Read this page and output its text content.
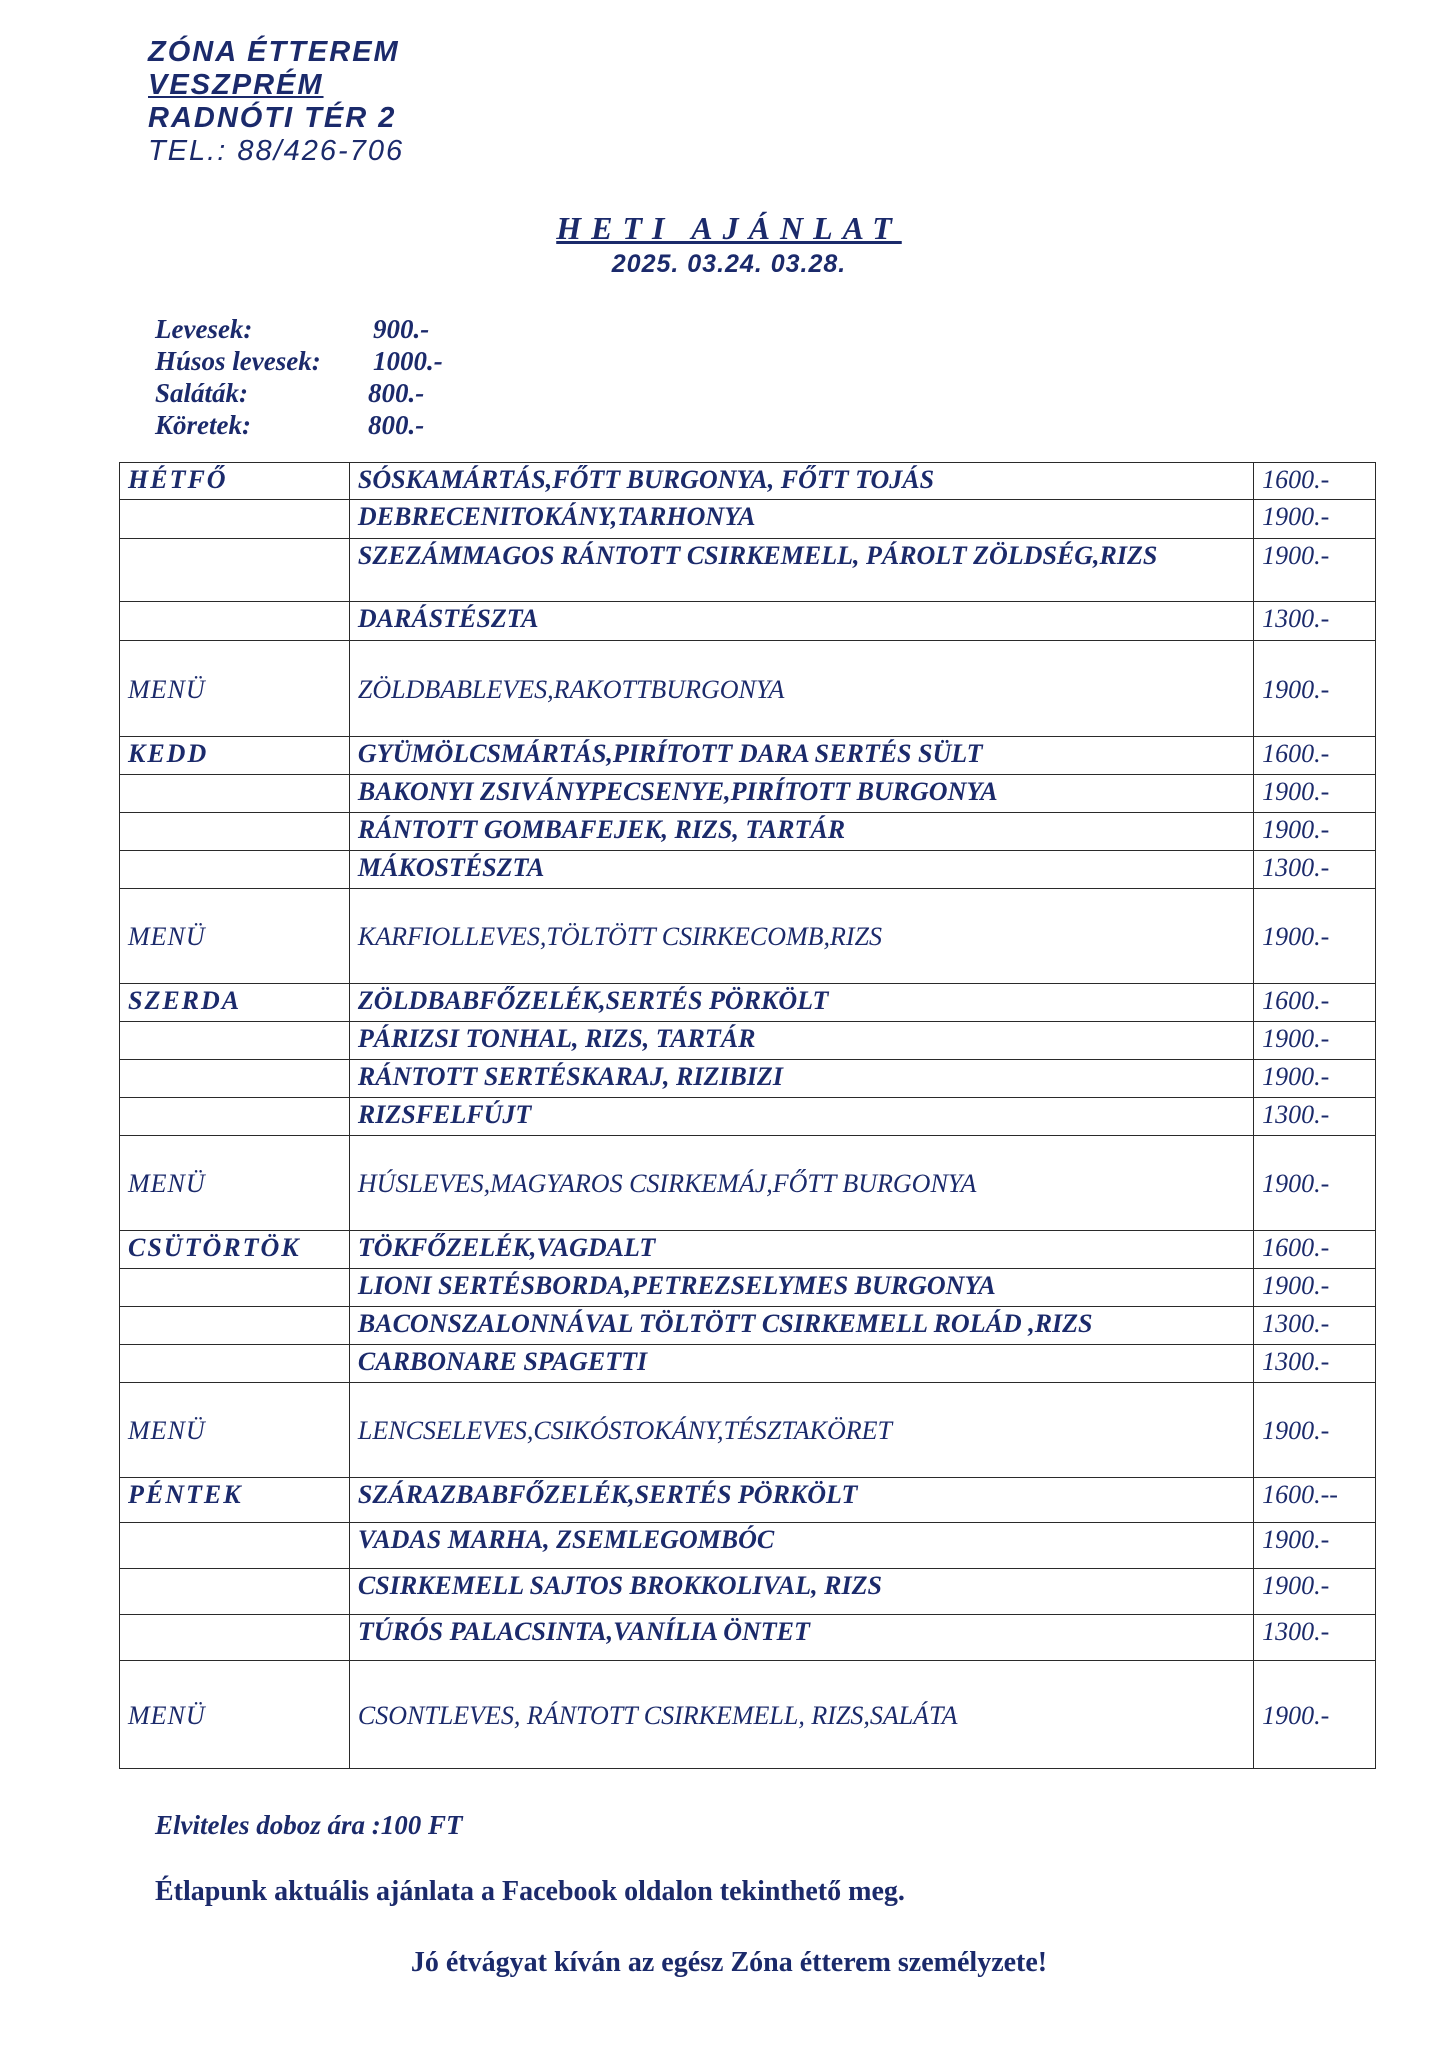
ZÓNA ÉTTEREM
VESZPRÉM
RADNÓTI TÉR 2
TEL.: 88/426-706
HETI AJÁNLAT
2025. 03.24. 03.28.
Levesek:	900.-
Húsos levesek:	1000.-
Saláták:	800.-
Köretek:	800.-
HÉTFŐ	SÓSKAMÁRTÁS,FŐTT BURGONYA, FŐTT TOJÁS	1600.-
	DEBRECENITOKÁNY,TARHONYA	1900.-
	SZEZÁMMAGOS RÁNTOTT CSIRKEMELL, PÁROLT ZÖLDSÉG,RIZS	1900.-
	DARÁSTÉSZTA	1300.-
MENÜ	ZÖLDBABLEVES,RAKOTTBURGONYA	1900.-
KEDD	GYÜMÖLCSMÁRTÁS,PIRÍTOTT DARA SERTÉS SÜLT	1600.-
	BAKONYI ZSIVÁNYPECSENYE,PIRÍTOTT BURGONYA	1900.-
	RÁNTOTT GOMBAFEJEK, RIZS, TARTÁR	1900.-
	MÁKOSTÉSZTA	1300.-
MENÜ	KARFIOLLEVES,TÖLTÖTT CSIRKECOMB,RIZS	1900.-
SZERDA	ZÖLDBABFŐZELÉK,SERTÉS PÖRKÖLT	1600.-
	PÁRIZSI TONHAL, RIZS, TARTÁR	1900.-
	RÁNTOTT SERTÉSKARAJ, RIZIBIZI	1900.-
	RIZSFELFÚJT	1300.-
MENÜ	HÚSLEVES,MAGYAROS CSIRKEMÁJ,FŐTT BURGONYA	1900.-
CSÜTÖRTÖK	TÖKFŐZELÉK,VAGDALT	1600.-
	LIONI SERTÉSBORDA,PETREZSELYMES BURGONYA	1900.-
	BACONSZALONNÁVAL TÖLTÖTT CSIRKEMELL ROLÁD ,RIZS	1300.-
	CARBONARE SPAGETTI	1300.-
MENÜ	LENCSELEVES,CSIKÓSTOKÁNY,TÉSZTAKÖRET	1900.-
PÉNTEK	SZÁRAZBABFŐZELÉK,SERTÉS PÖRKÖLT	1600.--
	VADAS MARHA, ZSEMLEGOMBÓC	1900.-
	CSIRKEMELL SAJTOS BROKKOLIVAL, RIZS	1900.-
	TÚRÓS PALACSINTA,VANÍLIA ÖNTET	1300.-
MENÜ	CSONTLEVES, RÁNTOTT CSIRKEMELL, RIZS,SALÁTA	1900.-
Elviteles doboz ára :100 FT
Étlapunk aktuális ajánlata a Facebook oldalon tekinthető meg.
Jó étvágyat kíván az egész Zóna étterem személyzete!
